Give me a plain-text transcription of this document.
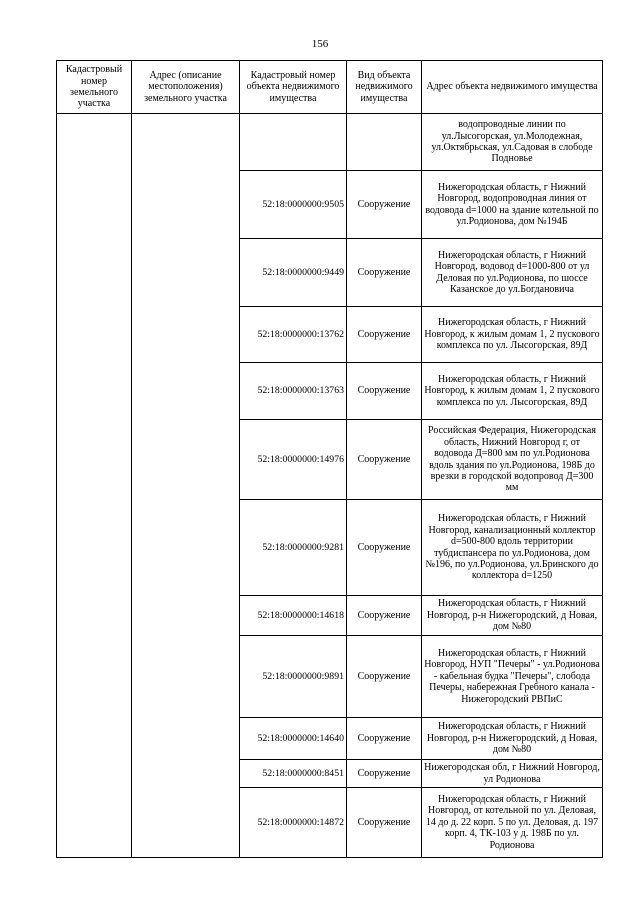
156
Кадастровый номер земельного участка	Адрес (описание местоположения) земельного участка	Кадастровый номер объекта недвижимого имущества	Вид объекта недвижимого имущества	Адрес объекта недвижимого имущества
				водопроводные линии по ул.Лысогорская, ул.Молодежная, ул.Октябрьская, ул.Садовая в слободе Подновье
		52:18:0000000:9505	Сооружение	Нижегородская область, г Нижний Новгород, водопроводная линия от водовода d=1000 на здание котельной по ул.Родионова, дом №194Б
		52:18:0000000:9449	Сооружение	Нижегородская область, г Нижний Новгород, водовод d=1000-800 от ул Деловая по ул.Родионова, по шоссе Казанское до ул.Богдановича
		52:18:0000000:13762	Сооружение	Нижегородская область, г Нижний Новгород, к жилым домам 1, 2 пускового комплекса по ул. Лысогорская, 89Д
		52:18:0000000:13763	Сооружение	Нижегородская область, г Нижний Новгород, к жилым домам 1, 2 пускового комплекса по ул. Лысогорская, 89Д
		52:18:0000000:14976	Сооружение	Российская Федерация, Нижегородская область, Нижний Новгород г, от водовода Д=800 мм по ул.Родионова вдоль здания по ул.Родионова, 198Б до врезки в городской водопровод Д=300 мм
		52:18:0000000:9281	Сооружение	Нижегородская область, г Нижний Новгород, канализационный коллектор d=500-800 вдоль территории тубдиспансера по ул.Родионова, дом №196, по ул.Родионова, ул.Бринского до коллектора d=1250
		52:18:0000000:14618	Сооружение	Нижегородская область, г Нижний Новгород, р-н Нижегородский, д Новая, дом №80
		52:18:0000000:9891	Сооружение	Нижегородская область, г Нижний Новгород, НУП "Печеры" - ул.Родионова - кабельная будка "Печеры", слобода Печеры, набережная Гребного канала - Нижегородский РВПиС
		52:18:0000000:14640	Сооружение	Нижегородская область, г Нижний Новгород, р-н Нижегородский, д Новая, дом №80
		52:18:0000000:8451	Сооружение	Нижегородская обл, г Нижний Новгород, ул Родионова
		52:18:0000000:14872	Сооружение	Нижегородская область, г Нижний Новгород, от котельной по ул. Деловая, 14 до д. 22 корп. 5 по ул. Деловая, д. 197 корп. 4, ТК-103 у д. 198Б по ул. Родионова
